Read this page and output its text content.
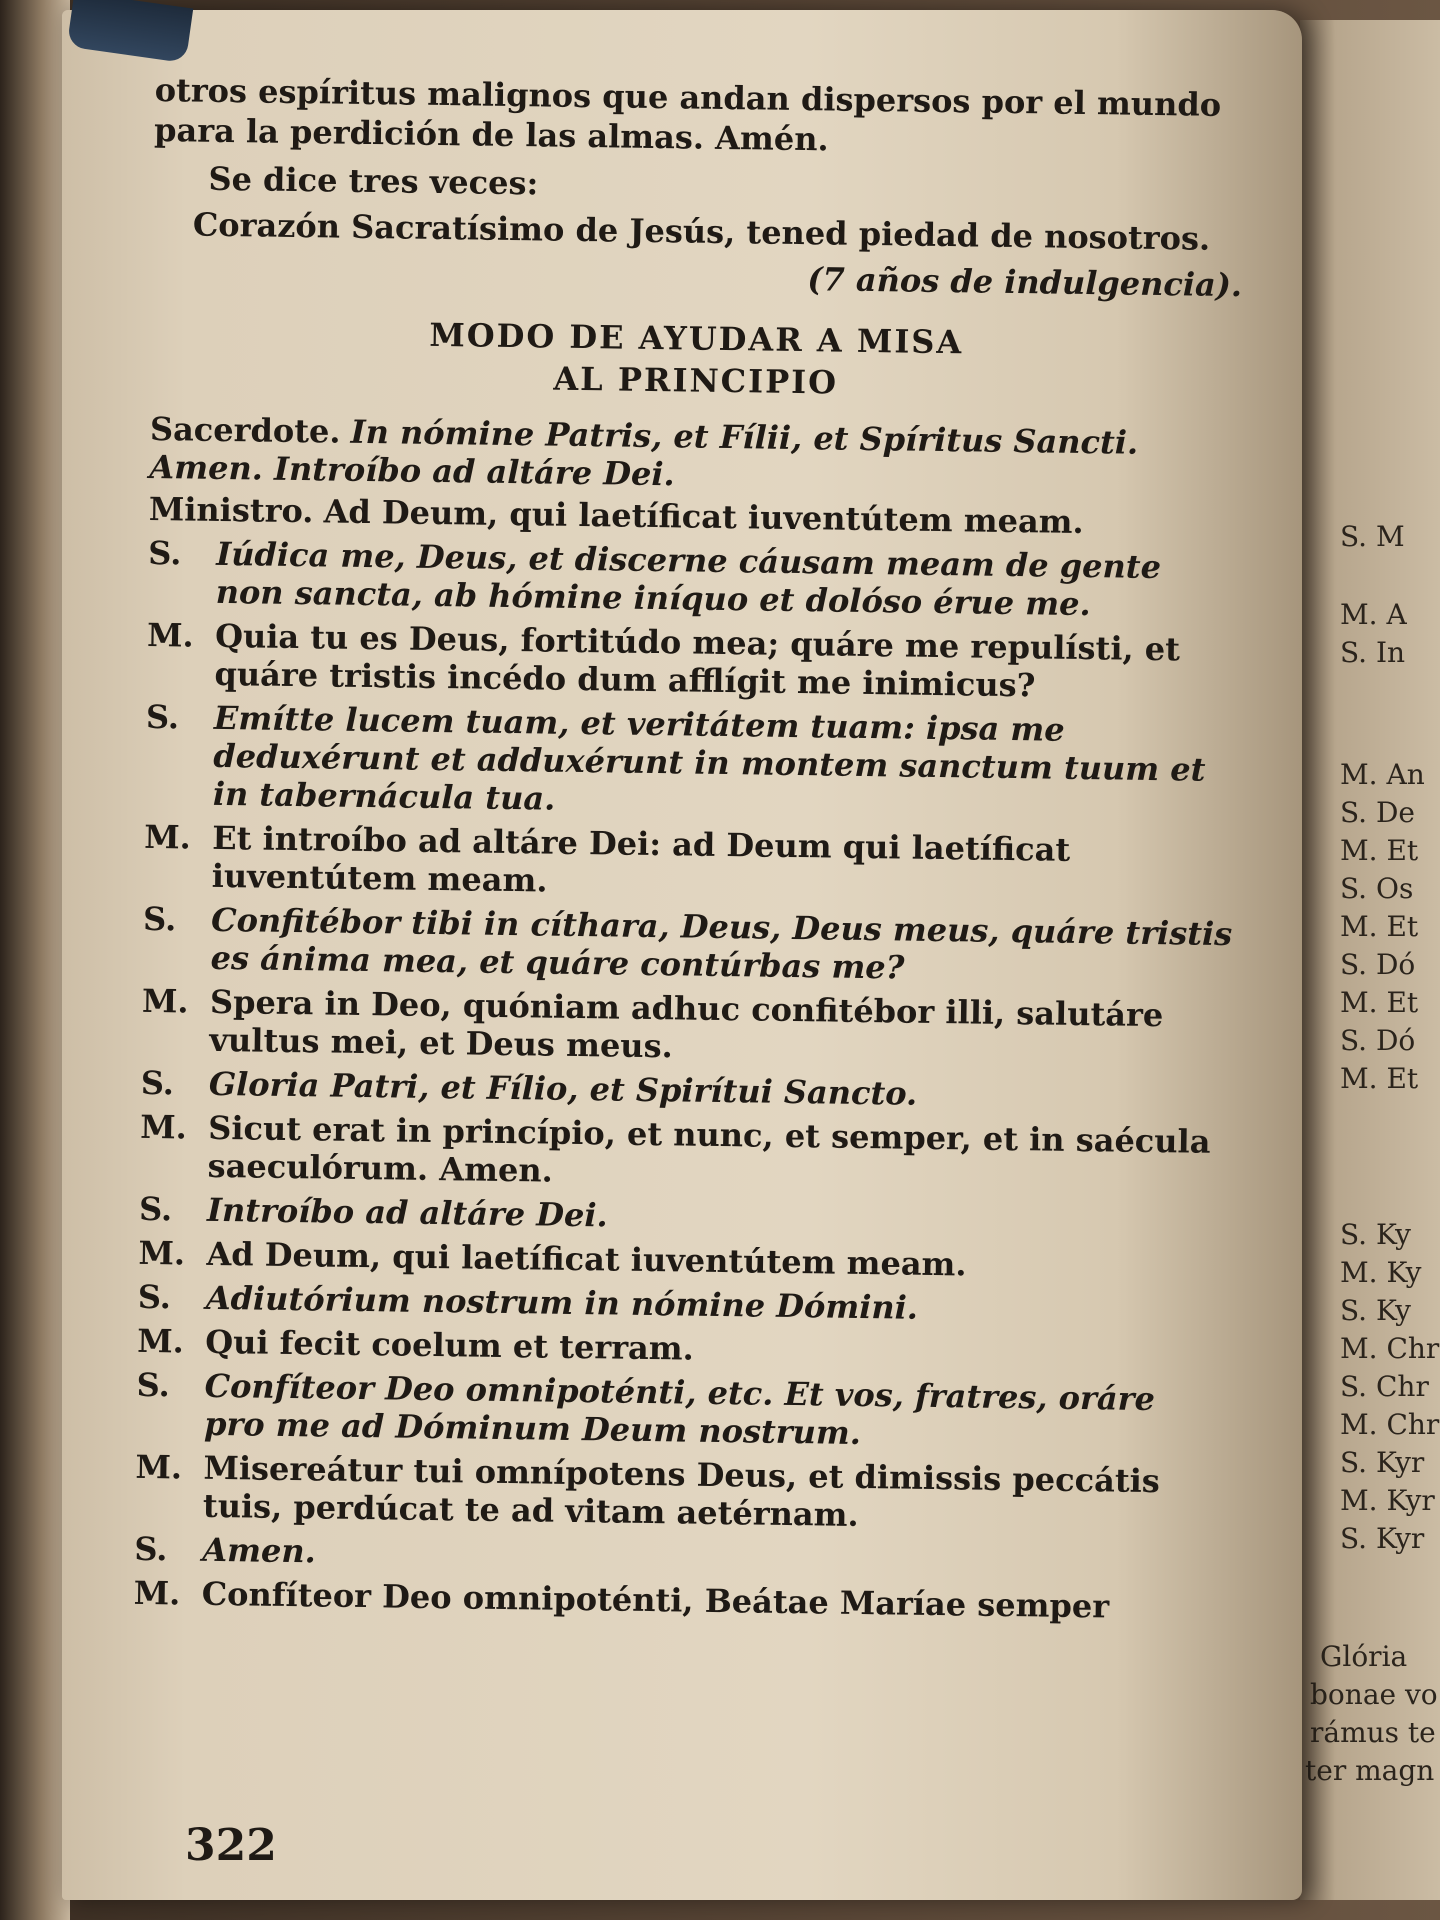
S. M
M. A
S. In
M. An
S. De
M. Et
S. Os
M. Et
S. Dó
M. Et
S. Dó
M. Et
S. Ky
M. Ky
S. Ky
M. Chr
S. Chr
M. Chr
S. Kyr
M. Kyr
S. Kyr
Glória
bonae vo
rámus te
ter magn

otros espíritus malignos que andan dispersos por el mundo para la perdición de las almas. Amén.

Se dice tres veces:

Corazón Sacratísimo de Jesús, tened piedad de nosotros.

(7 años de indulgencia).

MODO DE AYUDAR A MISA
AL PRINCIPIO
Sacerdote. In nómine Patris, et Fílii, et Spíritus Sancti. Amen. Introíbo ad altáre Dei.
Ministro. Ad Deum, qui laetíficat iuventútem meam.
S.	Iúdica me, Deus, et discerne cáusam meam de gente non sancta, ab hómine iníquo et dolóso érue me.
M. Quia tu es Deus, fortitúdo mea; quáre me repulísti, et quáre tristis incédo dum afflígit me inimicus?
S.	Emítte lucem tuam, et veritátem tuam: ipsa me deduxérunt et adduxérunt in montem sanctum tuum et in tabernácula tua.
M. Et introíbo ad altáre Dei: ad Deum qui laetíficat iuventútem meam.
S.	Confitébor tibi in cíthara, Deus, Deus meus, quáre tristis es ánima mea, et quáre contúrbas me?
M. Spera in Deo, quóniam adhuc confitébor illi, salutáre vultus mei, et Deus meus.
S.	Gloria Patri, et Fílio, et Spirítui Sancto.
M. Sicut erat in princípio, et nunc, et semper, et in saécula saeculórum. Amen.
S.	Introíbo ad altáre Dei.
M. Ad Deum, qui laetíficat iuventútem meam.
S.	Adiutórium nostrum in nómine Dómini.
M. Qui fecit coelum et terram.
S.	Confíteor Deo omnipoténti, etc. Et vos, fratres, oráre pro me ad Dóminum Deum nostrum.
M. Misereátur tui omnípotens Deus, et dimissis peccátis tuis, perdúcat te ad vitam aetérnam.
S.	Amen.
M. Confíteor Deo omnipoténti, Beátae Maríae semper
322
